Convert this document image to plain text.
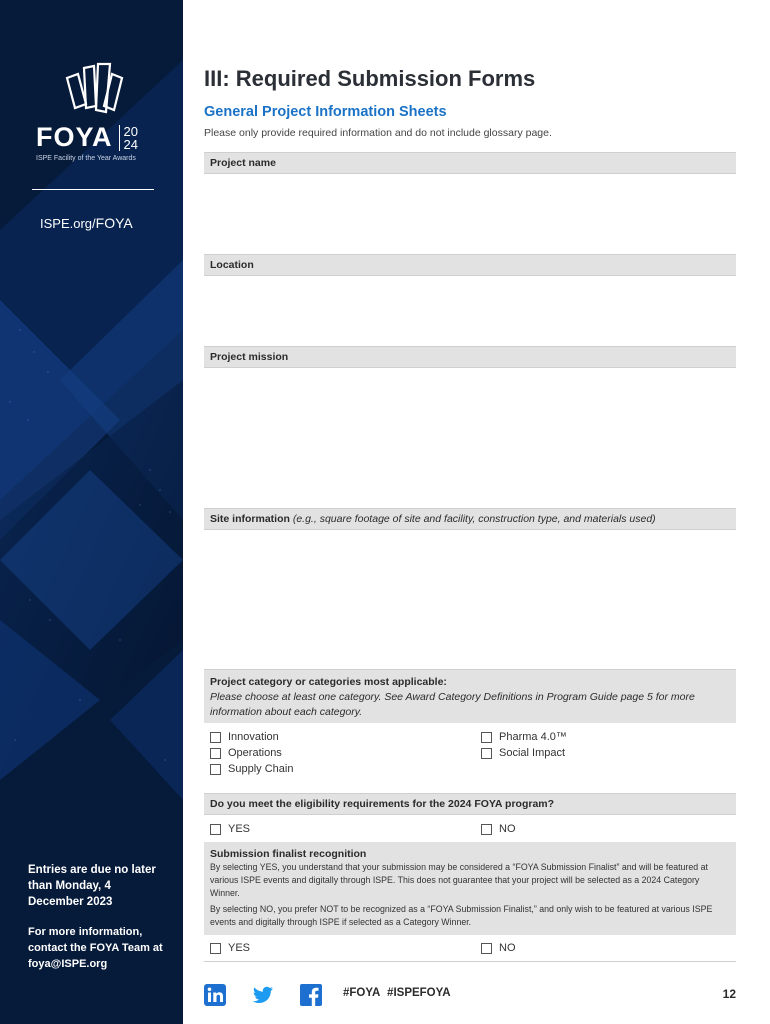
FOYA 20
24
ISPE Facility of the Year Awards
ISPE.org/FOYA
Entries are due no later than Monday, 4 December 2023
For more information, contact the FOYA Team at foya@ISPE.org
III: Required Submission Forms
General Project Information Sheets
Please only provide required information and do not include glossary page.
Project name
Location
Project mission
Site information (e.g., square footage of site and facility, construction type, and materials used)
Project category or categories most applicable:
Please choose at least one category. See Award Category Definitions in Program Guide page 5 for more information about each category.
Innovation
Operations
Supply Chain
Pharma 4.0™
Social Impact
Do you meet the eligibility requirements for the 2024 FOYA program?
YES	NO
Submission finalist recognition
By selecting YES, you understand that your submission may be considered a “FOYA Submission Finalist” and will be featured at various ISPE events and digitally through ISPE. This does not guarantee that your project will be selected as a 2024 Category Winner.
By selecting NO, you prefer NOT to be recognized as a “FOYA Submission Finalist,” and only wish to be featured at various ISPE events and digitally through ISPE if selected as a Category Winner.
YES	NO
#FOYA #ISPEFOYA	12
